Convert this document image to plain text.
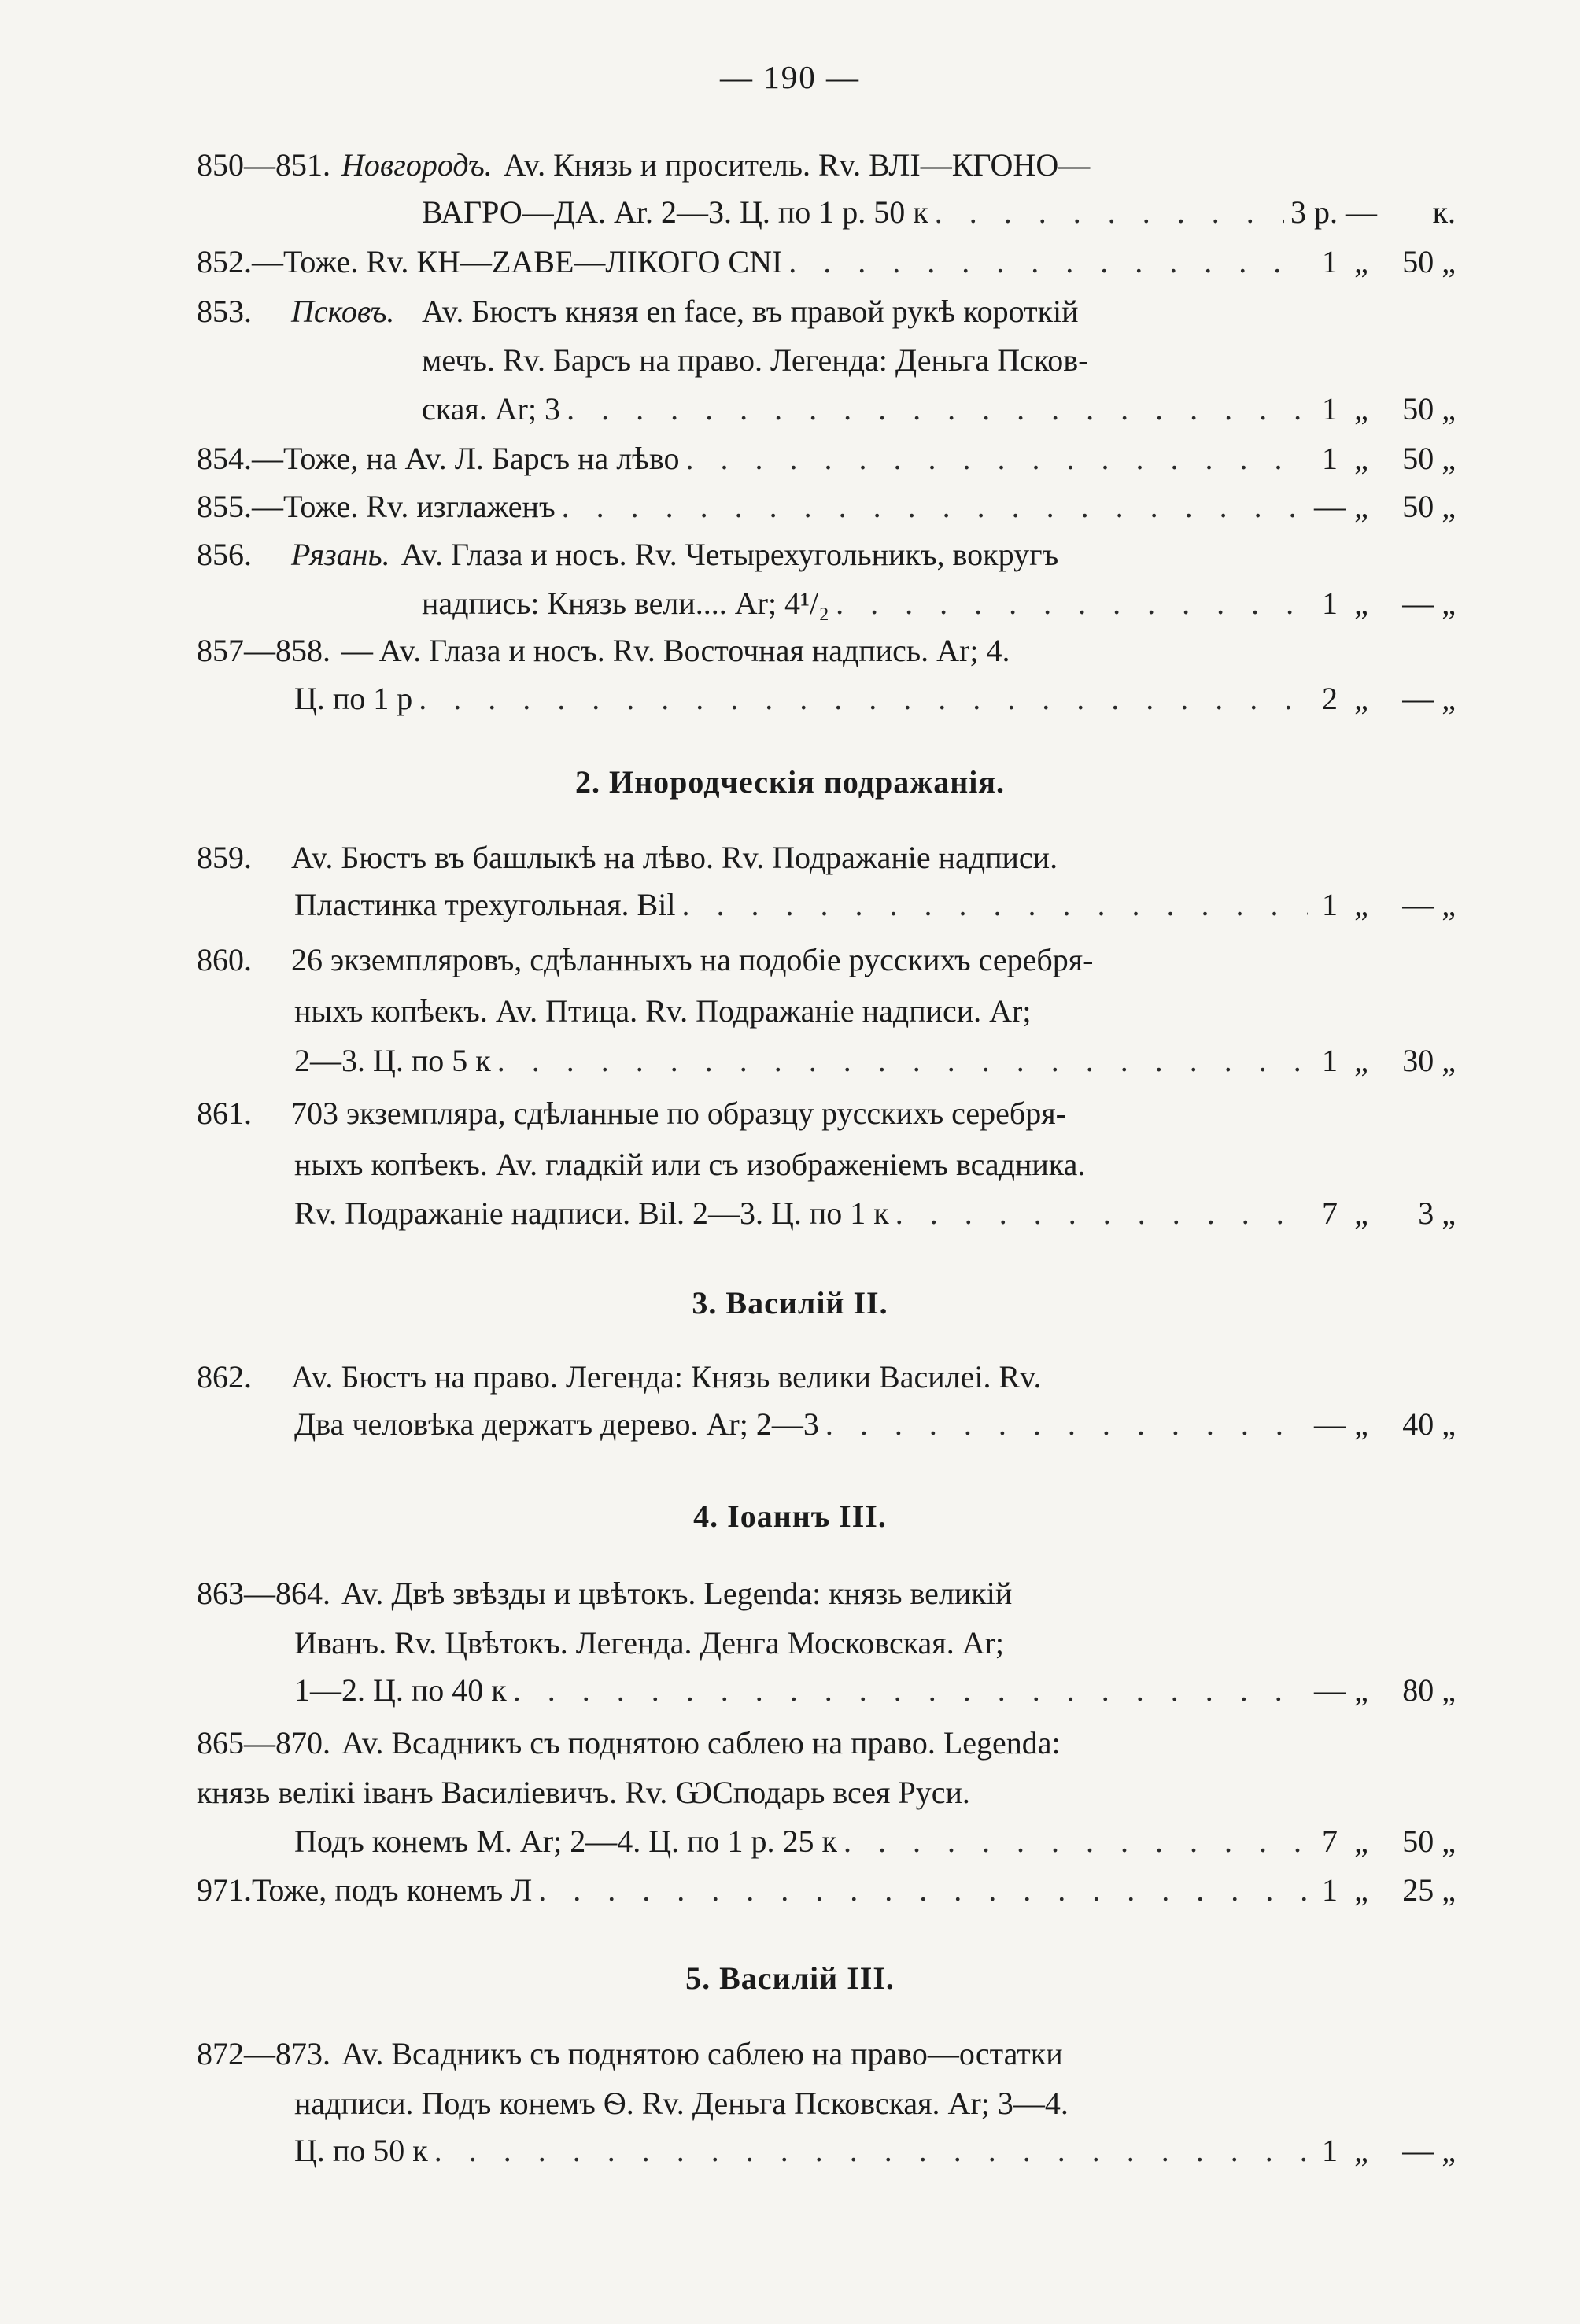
— 190 —
850—851. Новгородъ. Av. Князь и проситель. Rv. ВЛI—КГОНО—
ВАГРО—ДА. Ar. 2—3. Ц. по 1 р. 50 к . . .	3 р. —	к.
852. — Тоже. Rv. КН—ZAВЕ—ЛIКОГО СNI . . .	1 „	50 „
853.	Псковъ. Av. Бюстъ князя en face, въ правой рукѣ короткiй
мечъ. Rv. Барсъ на право. Легенда: Деньга Псков-
ская. Ar; 3 . . .	1 „	50 „
854. — Тоже, на Av. Л. Барсъ на лѣво . . .	1 „	50 „
855. — Тоже. Rv. изглаженъ . . .	— „	50 „
856.	Рязань. Av. Глаза и носъ. Rv. Четырехугольникъ, вокругъ
надпись: Князь вели.... Ar; 4¹/₂ . . .	1 „	— „
857—858. — Av. Глаза и носъ. Rv. Восточная надпись. Ar; 4.
Ц. по 1 р . . .	2 „	— „
2. Инородческiя подражанiя.
859.	Av. Бюстъ въ башлыкѣ на лѣво. Rv. Подражанiе надписи.
Пластинка трехугольная. Bil . . .	1 „	— „
860.	26 экземпляровъ, сдѣланныхъ на подобiе русскихъ серебря-
ныхъ копѣекъ. Av. Птица. Rv. Подражанiе надписи. Ar;
2—3. Ц. по 5 к . . .	1 „	30 „
861.	703 экземпляра, сдѣланные по образцу русскихъ серебря-
ныхъ копѣекъ. Av. гладкiй или съ изображенiемъ всадника.
Rv. Подражанiе надписи. Bil. 2—3. Ц. по 1 к . . .	7 „	3 „
3. Василiй II.
862.	Av. Бюстъ на право. Легенда: Князь велики Василеi. Rv.
Два человѣка держатъ дерево. Ar; 2—3 . . .	— „	40 „
4. Iоаннъ III.
863—864. Av. Двѣ звѣзды и цвѣтокъ. Legenda: князь великiй
Иванъ. Rv. Цвѣтокъ. Легенда. Денга Московская. Ar;
1—2. Ц. по 40 к . . .	— „	80 „
865—870. Av. Всадникъ съ поднятою саблею на право. Legenda:
князь велiкi iванъ Василiевичъ. Rv. ѠСподарь всея Руси.
Подъ конемъ М. Ar; 2—4. Ц. по 1 р. 25 к . . .	7 „	50 „
971. Тоже, подъ конемъ Л . . .	1 „	25 „
5. Василiй III.
872—873. Av. Всадникъ съ поднятою саблею на право—остатки
надписи. Подъ конемъ Ѳ. Rv. Деньга Псковская. Ar; 3—4.
Ц. по 50 к . . .	1 „	— „
